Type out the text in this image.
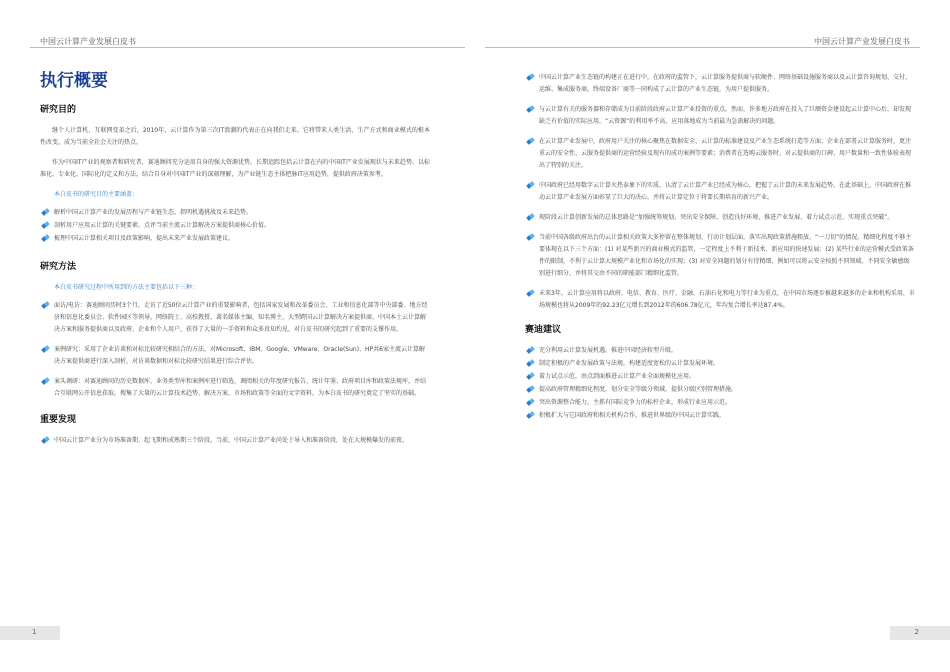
中国云计算产业发展白皮书	中国云计算产业发展白皮书
执行概要
研究目的

继个人计算机、互联网变革之后，2010年，云计算作为第三次IT浪潮的代表正在向我们走来。它将带来人类生活、生产方式和商业模式的根本性改变，成为当前全社会关注的热点。

作为中国IT产业的观察者和研究者，赛迪顾问充分运用自身的强大资源优势，长期追踪包括云计算在内的中国IT产业发展现状与未来趋势。以标准化、专业化、国际化的定义和方法，结合自身对中国IT产业的深刻理解，为产业链生态主体把脉IT应用趋势，提供政府决策参考。

本白皮书的研究目的主要涵盖：
解析中国云计算产业的发展历程与产业链生态，指明机遇挑战及未来趋势。
剖析用户应用云计算的关键要素，点评当前主流云计算解决方案提供商核心价值。
梳理中国云计算相关项目及政策影响，提出未来产业发展政策建议。
研究方法
本白皮书研究过程中所用到的方法主要包括以下三种：
面访/电访：赛迪顾问历时3个月，走访了近50位云计算产业的重要影响者，包括国家发展和改革委员会、工业和信息化部等中央部委、地方经济和信息化委员会、软件园区等领导，网络院士、高校教授、著名媒体主编、知名博主、大型跨国云计算解决方案提供商、中国本土云计算解决方案和服务提供商以及政府、企业和个人用户，获得了大量的一手资料和众多真知灼见，对白皮书的研究起到了重要的支撑作用。
案例研究：采用了企业访谈和对标比较研究相结合的方法，对Microsoft、IBM、Google、VMware、Oracle(Sun)、HP共6家主流云计算解决方案提供商进行深入剖析，对访谈数据和对标比较研究结果进行综合评估。
案头调研：对赛迪顾问的历史数据库、业务类型库和案例库进行筛选，调阅相关的年度研究报告、统计年鉴、政府项目库和政策法规库，并结合互联网公开信息获取，搜集了大量的云计算技术趋势、解决方案、市场和政策等全面的文字资料，为本白皮书的研究奠定了坚实的基础。
重要发现
中国云计算产业分为市场准备期、起飞期和成熟期三个阶段。当前，中国云计算产业尚处于导入和准备阶段，处在大规模爆发的前夜。
中国云计算产业生态链的构建正在进行中，在政府的监管下，云计算服务提供商与软硬件、网络基础设施服务商以及云计算咨询规划、交付、运维、集成服务商，终端设备厂商等一同构成了云计算的产业生态链，为用户提供服务。
与云计算有关的服务器和存储成为目前阶段政府云计算产业投资的重点。然而，许多地方政府在投入了巨额资金建设起云计算中心后，却发现缺乏有价值的实际应用，“云资源”的利用率不高，应用落地成为当前最为急需解决的问题。
在云计算产业发展中，政府用户关注的核心聚焦在数据安全、云计算的标准建设及产业生态系统打造等方面；企业在部署云计算服务时，更注重云的安全性、云服务提供商的运营经验及现有的成功案例等要素；消费者在选购云服务时，对云提供商的口碑、用户数量和一致性体验表现出了特别的关注。
中国政府已经用数字云计算火热泰象下的实质，认清了云计算产业已经成为核心，把握了云计算的未来发展趋势。在此基础上，中国政府在推动云计算产业发展方面彰显了巨大的决心，并将云计算定位于将要长期培育的新兴产业。
现阶段云计算创新发展的总体思路是“加强统筹规划、突出安全保障、创造良好环境、推进产业发展、着力试点示范、实现重点突破”。
当前中国各级政府出台的云计算相关政策大多停留在整体规划、行动计划层面，落实出现政策措施粗放、“一刀切”的情况。精细化程度不够主要体现在以下三个方面：(1) 对某些新兴的商业模式的监管，一定程度上不利于新技术、新应用的快速发展；(2) 某些行业的运营模式受政策条件的限制，不利于云计算大规模产业化和市场化的实现；(3) 对安全问题的划分有待精细，例如可以将云安全按照不同领域、不同安全敏感级别进行细分，并将其交由不同的职能部门精细化监管。
未来3年，云计算应用将以政府、电信、教育、医疗、金融、石油石化和电力等行业为重点，在中国市场逐步被越来越多的企业和机构采用，市场规模也将从2009年的92.23亿元增长到2012年的606.78亿元，年均复合增长率达87.4%。
赛迪建议
充分利用云计算发展机遇，推进中国经济转型升级。
制定积极的产业发展政策与法规，构建适度宽松的云计算发展环境。
着力试点示范，由点到面推进云计算产业全面规模化应用。
提高政府管理精细化程度，划分安全等级分领域，提供分级区别管理措施。
突出资源整合能力，主抓有国际竞争力的标杆企业，形成行业应用示范。
积极扩大与它国政府和相关机构合作，推进世界级的中国云计算实践。
1	2
